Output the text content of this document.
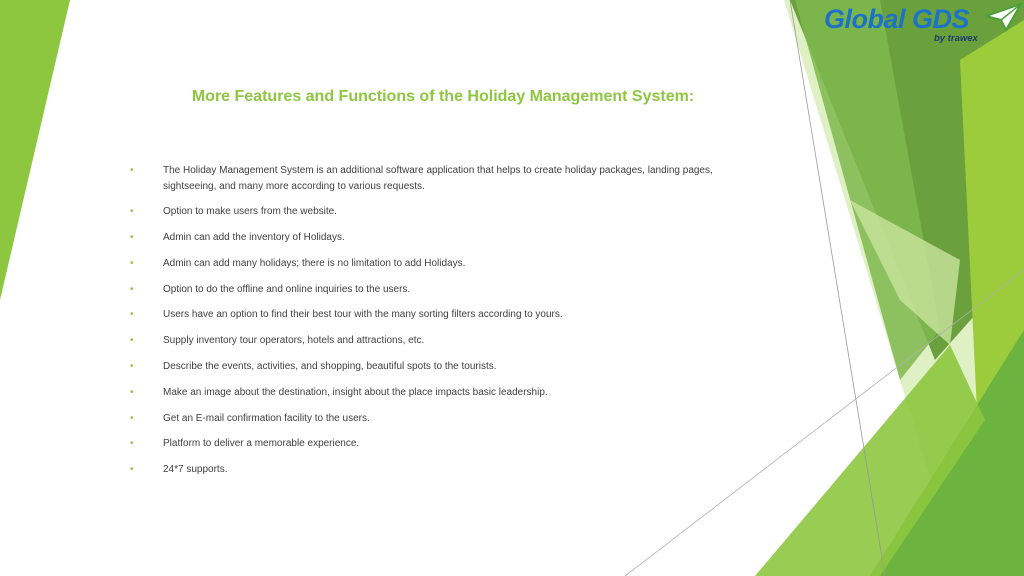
Global GDS
by trawex
More Features and Functions of the Holiday Management System:
•	The Holiday Management System is an additional software application that helps to create holiday packages, landing pages, sightseeing, and many more according to various requests.
•	Option to make users from the website.
•	Admin can add the inventory of Holidays.
•	Admin can add many holidays; there is no limitation to add Holidays.
•	Option to do the offline and online inquiries to the users.
•	Users have an option to find their best tour with the many sorting filters according to yours.
•	Supply inventory tour operators, hotels and attractions, etc.
•	Describe the events, activities, and shopping, beautiful spots to the tourists.
•	Make an image about the destination, insight about the place impacts basic leadership.
•	Get an E-mail confirmation facility to the users.
•	Platform to deliver a memorable experience.
•	24*7 supports.
